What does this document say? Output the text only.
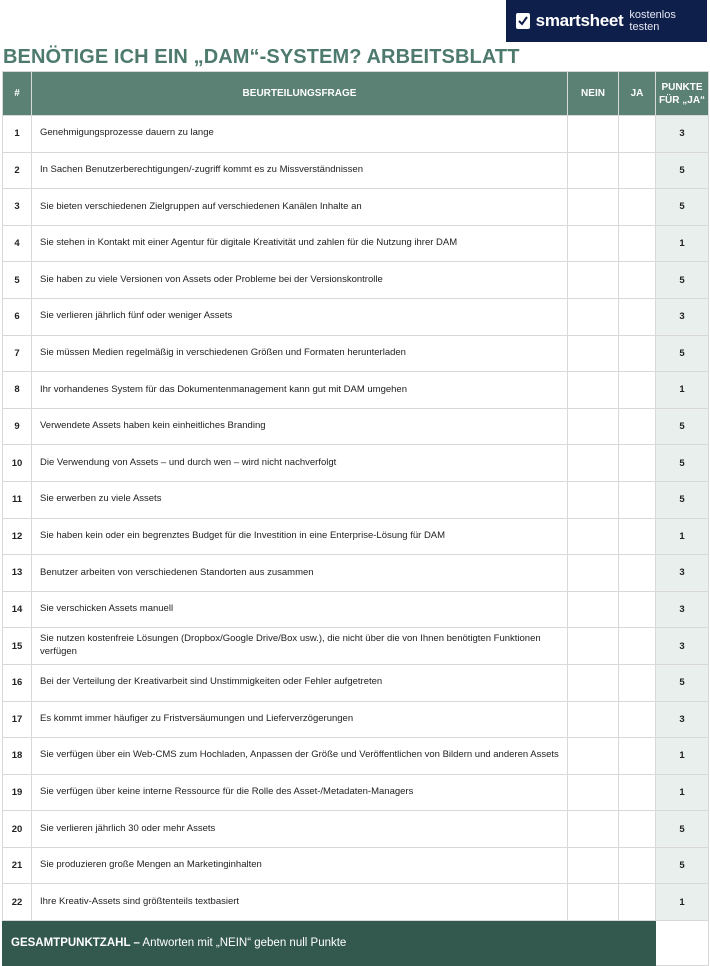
smartsheet kostenlos testen
BENÖTIGE ICH EIN „DAM“-SYSTEM? ARBEITSBLATT
#	BEURTEILUNGSFRAGE	NEIN	JA	PUNKTE
FÜR „JA“
1	Genehmigungsprozesse dauern zu lange			3
2	In Sachen Benutzerberechtigungen/-zugriff kommt es zu Missverständnissen			5
3	Sie bieten verschiedenen Zielgruppen auf verschiedenen Kanälen Inhalte an			5
4	Sie stehen in Kontakt mit einer Agentur für digitale Kreativität und zahlen für die Nutzung ihrer DAM			1
5	Sie haben zu viele Versionen von Assets oder Probleme bei der Versionskontrolle			5
6	Sie verlieren jährlich fünf oder weniger Assets			3
7	Sie müssen Medien regelmäßig in verschiedenen Größen und Formaten herunterladen			5
8	Ihr vorhandenes System für das Dokumentenmanagement kann gut mit DAM umgehen			1
9	Verwendete Assets haben kein einheitliches Branding			5
10	Die Verwendung von Assets – und durch wen – wird nicht nachverfolgt			5
11	Sie erwerben zu viele Assets			5
12	Sie haben kein oder ein begrenztes Budget für die Investition in eine Enterprise-Lösung für DAM			1
13	Benutzer arbeiten von verschiedenen Standorten aus zusammen			3
14	Sie verschicken Assets manuell			3
15	Sie nutzen kostenfreie Lösungen (Dropbox/Google Drive/Box usw.), die nicht über die von Ihnen benötigten Funktionen verfügen			3
16	Bei der Verteilung der Kreativarbeit sind Unstimmigkeiten oder Fehler aufgetreten			5
17	Es kommt immer häufiger zu Fristversäumungen und Lieferverzögerungen			3
18	Sie verfügen über ein Web-CMS zum Hochladen, Anpassen der Größe und Veröffentlichen von Bildern und anderen Assets			1
19	Sie verfügen über keine interne Ressource für die Rolle des Asset-/Metadaten-Managers			1
20	Sie verlieren jährlich 30 oder mehr Assets			5
21	Sie produzieren große Mengen an Marketinginhalten			5
22	Ihre Kreativ-Assets sind größtenteils textbasiert			1
GESAMTPUNKTZAHL – Antworten mit „NEIN“ geben null Punkte				
